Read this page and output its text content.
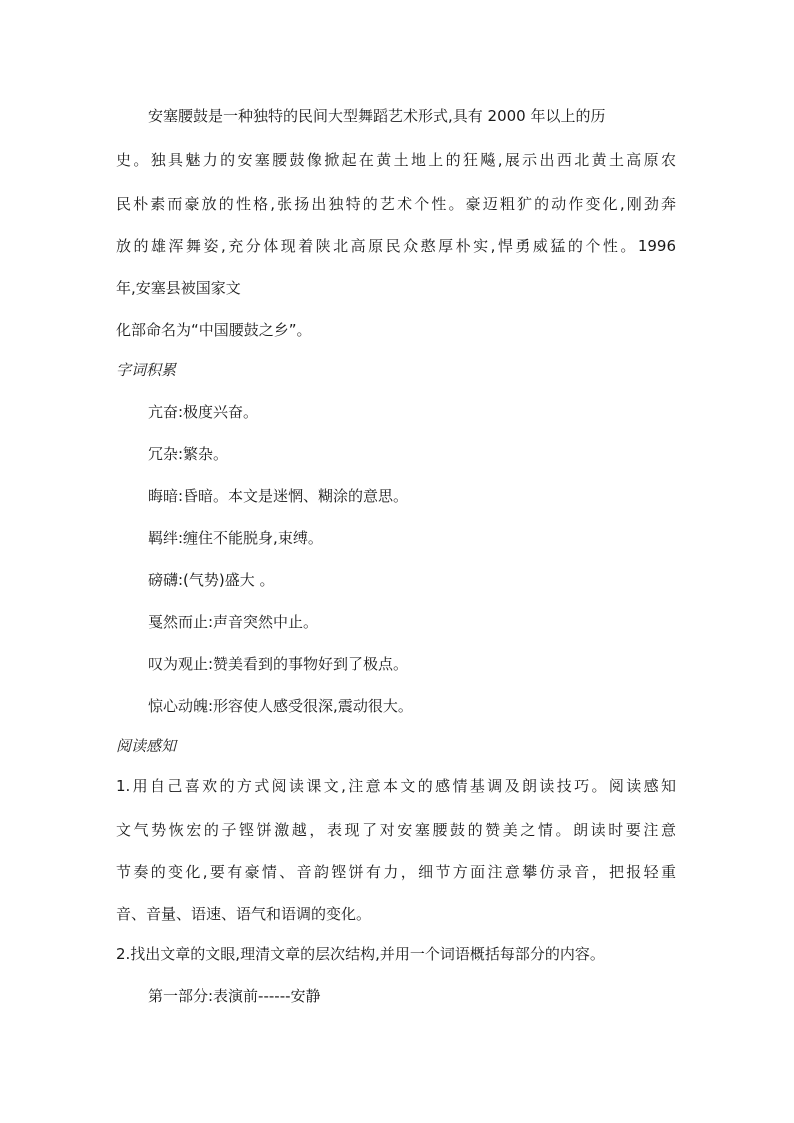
安塞腰鼓是一种独特的民间大型舞蹈艺术形式,具有 2000 年以上的历
史。独具魅力的安塞腰鼓像掀起在黄土地上的狂飚,展示出西北黄土高原农
民朴素而豪放的性格,张扬出独特的艺术个性。豪迈粗犷的动作变化,刚劲奔
放的雄浑舞姿,充分体现着陕北高原民众憨厚朴实,悍勇威猛的个性。1996
年,安塞县被国家文
化部命名为“中国腰鼓之乡”。
字词积累
亢奋:极度兴奋。
冗杂:繁杂。
晦暗:昏暗。本文是迷惘、糊涂的意思。
羁绊:缠住不能脱身,束缚。
磅礴:(气势)盛大 。
戛然而止:声音突然中止。
叹为观止:赞美看到的事物好到了极点。
惊心动魄:形容使人感受很深,震动很大。
阅读感知
1.用自己喜欢的方式阅读课文,注意本文的感情基调及朗读技巧。阅读感知
文气势恢宏的子铿饼激越，表现了对安塞腰鼓的赞美之情。朗读时要注意
节奏的变化,要有豪情、音韵铿饼有力，细节方面注意攀仿录音，把报轻重
音、音量、语速、语气和语调的变化。
2.找出文章的文眼,理清文章的层次结构,并用一个词语概括每部分的内容。
第一部分:表演前------安静
